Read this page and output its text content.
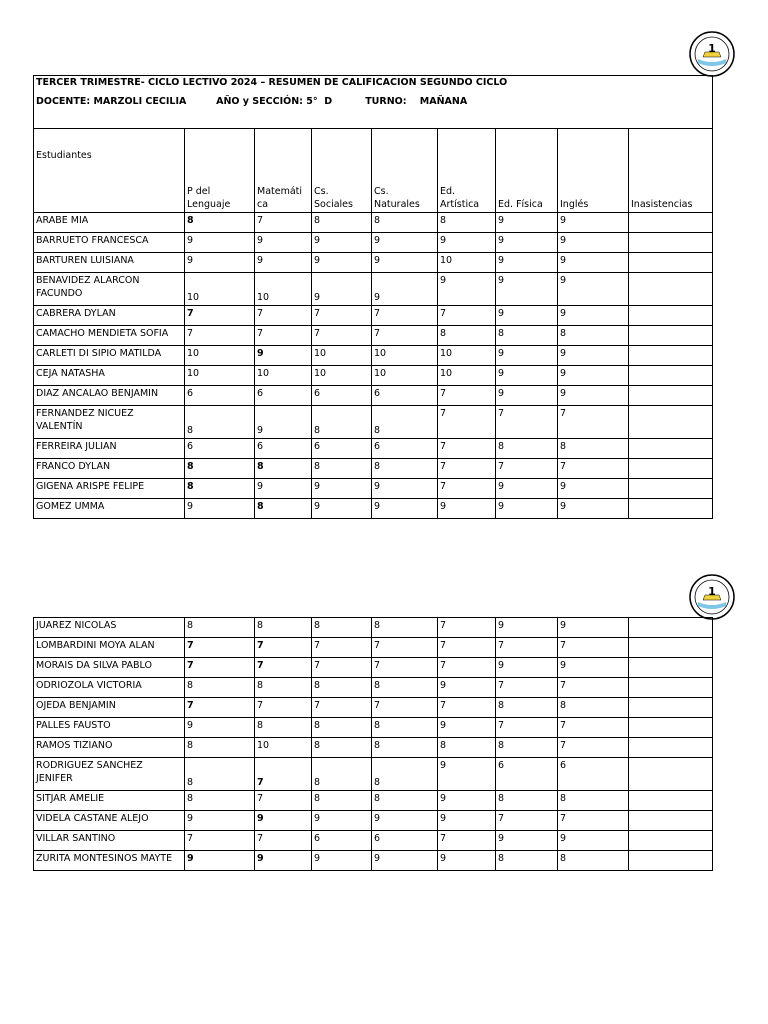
1
1
TERCER TRIMESTRE- CICLO LECTIVO 2024 – RESUMEN DE CALIFICACION SEGUNDO CICLO
DOCENTE: MARZOLI CECILIA AÑO y SECCIÓN: 5°  D TURNO:    MAÑANA								

Estudiantes	P del Lenguaje	Matemáti ca	Cs. Sociales	Cs. Naturales	Ed. Artística	Ed. Física	Inglés	Inasistencias
ARABE MIA	8	7	8	8	8	9	9	
BARRUETO FRANCESCA	9	9	9	9	9	9	9	
BARTUREN LUISIANA	9	9	9	9	10	9	9	
BENAVIDEZ ALARCON FACUNDO	10	10	9	9	9	9	9	
CABRERA DYLAN	7	7	7	7	7	9	9	
CAMACHO MENDIETA SOFIA	7	7	7	7	8	8	8	
CARLETI DI SIPIO MATILDA	10	9	10	10	10	9	9	
CEJA NATASHA	10	10	10	10	10	9	9	
DIAZ ANCALAO BENJAMIN	6	6	6	6	7	9	9	
FERNANDEZ NICUEZ VALENTÍN	8	9	8	8	7	7	7	
FERREIRA JULIAN	6	6	6	6	7	8	8	
FRANCO DYLAN	8	8	8	8	7	7	7	
GIGENA ARISPE FELIPE	8	9	9	9	7	9	9	
GOMEZ UMMA	9	8	9	9	9	9	9	
JUAREZ NICOLAS	8	8	8	8	7	9	9	
LOMBARDINI MOYA ALAN	7	7	7	7	7	7	7	
MORAIS DA SILVA PABLO	7	7	7	7	7	9	9	
ODRIOZOLA VICTORIA	8	8	8	8	9	7	7	
OJEDA BENJAMIN	7	7	7	7	7	8	8	
PALLES FAUSTO	9	8	8	8	9	7	7	
RAMOS TIZIANO	8	10	8	8	8	8	7	
RODRIGUEZ SANCHEZ JENIFER	8	7	8	8	9	6	6	
SITJAR AMELIE	8	7	8	8	9	8	8	
VIDELA CASTANE ALEJO	9	9	9	9	9	7	7	
VILLAR SANTINO	7	7	6	6	7	9	9	
ZURITA MONTESINOS MAYTE	9	9	9	9	9	8	8	
